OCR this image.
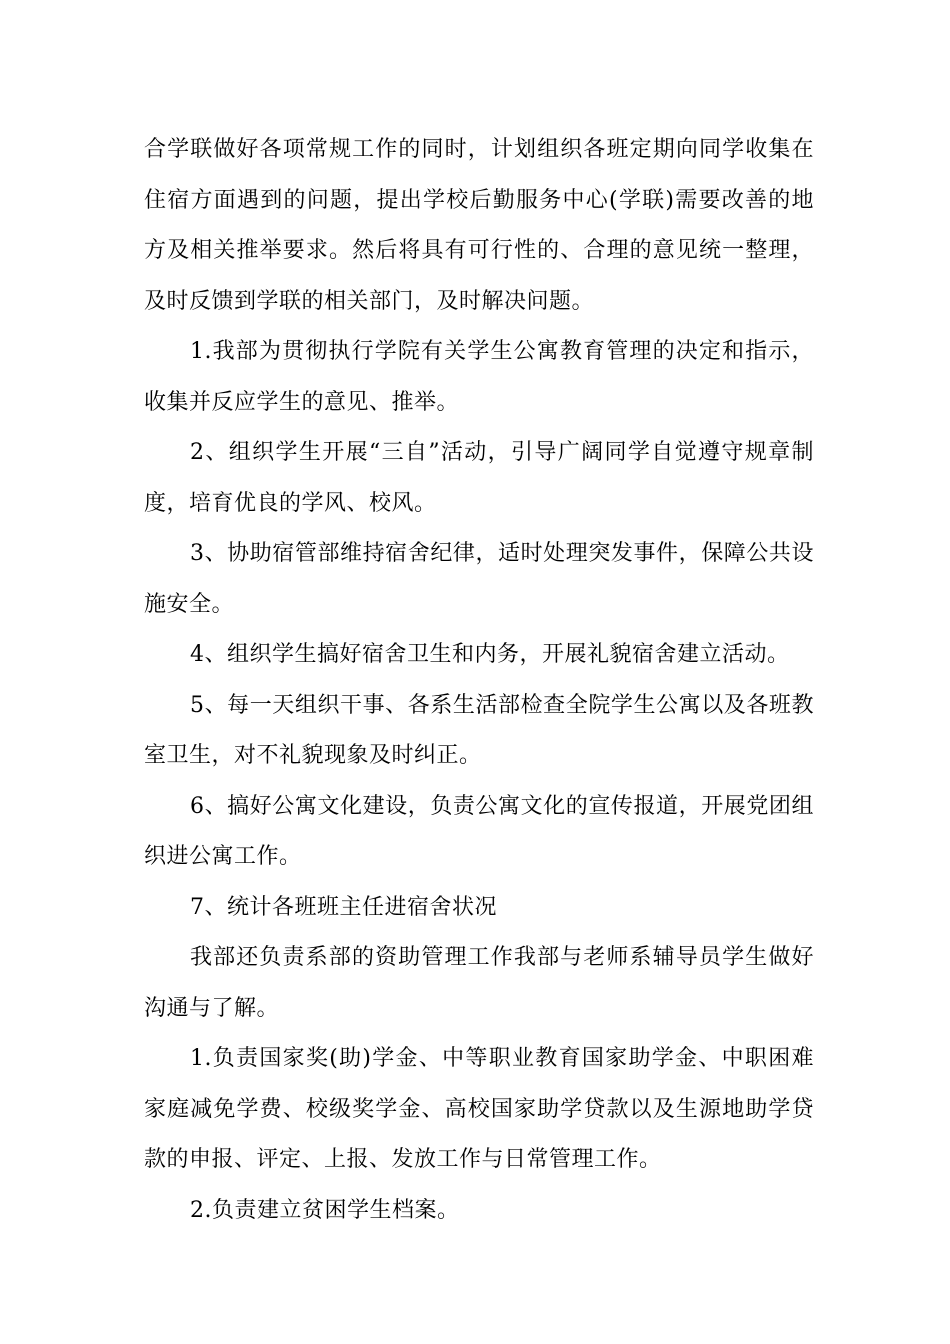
合学联做好各项常规工作的同时，计划组织各班定期向同学收集在住宿方面遇到的问题，提出学校后勤服务中心(学联)需要改善的地方及相关推举要求。然后将具有可行性的、合理的意见统一整理，及时反馈到学联的相关部门，及时解决问题。

1.我部为贯彻执行学院有关学生公寓教育管理的决定和指示，收集并反应学生的意见、推举。

2、组织学生开展“三自”活动，引导广阔同学自觉遵守规章制度，培育优良的学风、校风。

3、协助宿管部维持宿舍纪律，适时处理突发事件，保障公共设施安全。

4、组织学生搞好宿舍卫生和内务，开展礼貌宿舍建立活动。

5、每一天组织干事、各系生活部检查全院学生公寓以及各班教室卫生，对不礼貌现象及时纠正。

6、搞好公寓文化建设，负责公寓文化的宣传报道，开展党团组织进公寓工作。

7、统计各班班主任进宿舍状况

我部还负责系部的资助管理工作我部与老师系辅导员学生做好沟通与了解。

1.负责国家奖(助)学金、中等职业教育国家助学金、中职困难家庭减免学费、校级奖学金、高校国家助学贷款以及生源地助学贷款的申报、评定、上报、发放工作与日常管理工作。

2.负责建立贫困学生档案。
